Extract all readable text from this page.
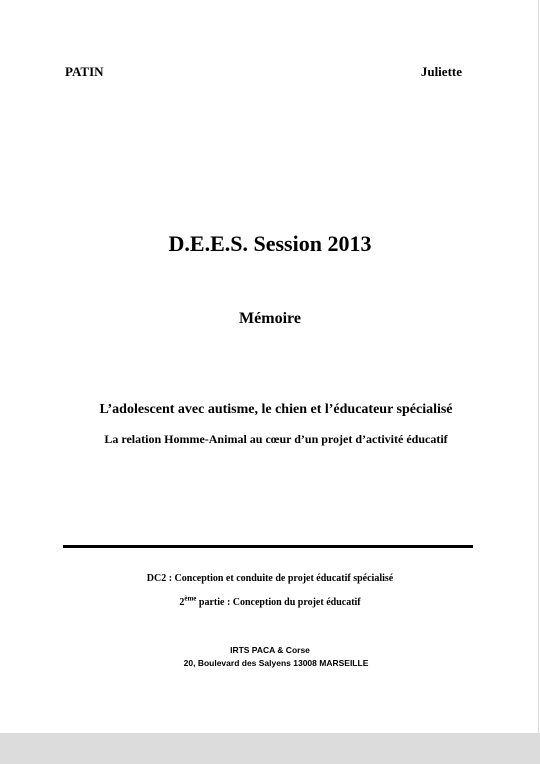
PATIN	Juliette
D.E.E.S. Session 2013
Mémoire
L’adolescent avec autisme, le chien et l’éducateur spécialisé
La relation Homme-Animal au cœur d’un projet d’activité éducatif
DC2 : Conception et conduite de projet éducatif spécialisé
2ème partie : Conception du projet éducatif
IRTS PACA & Corse
20, Boulevard des Salyens 13008 MARSEILLE
